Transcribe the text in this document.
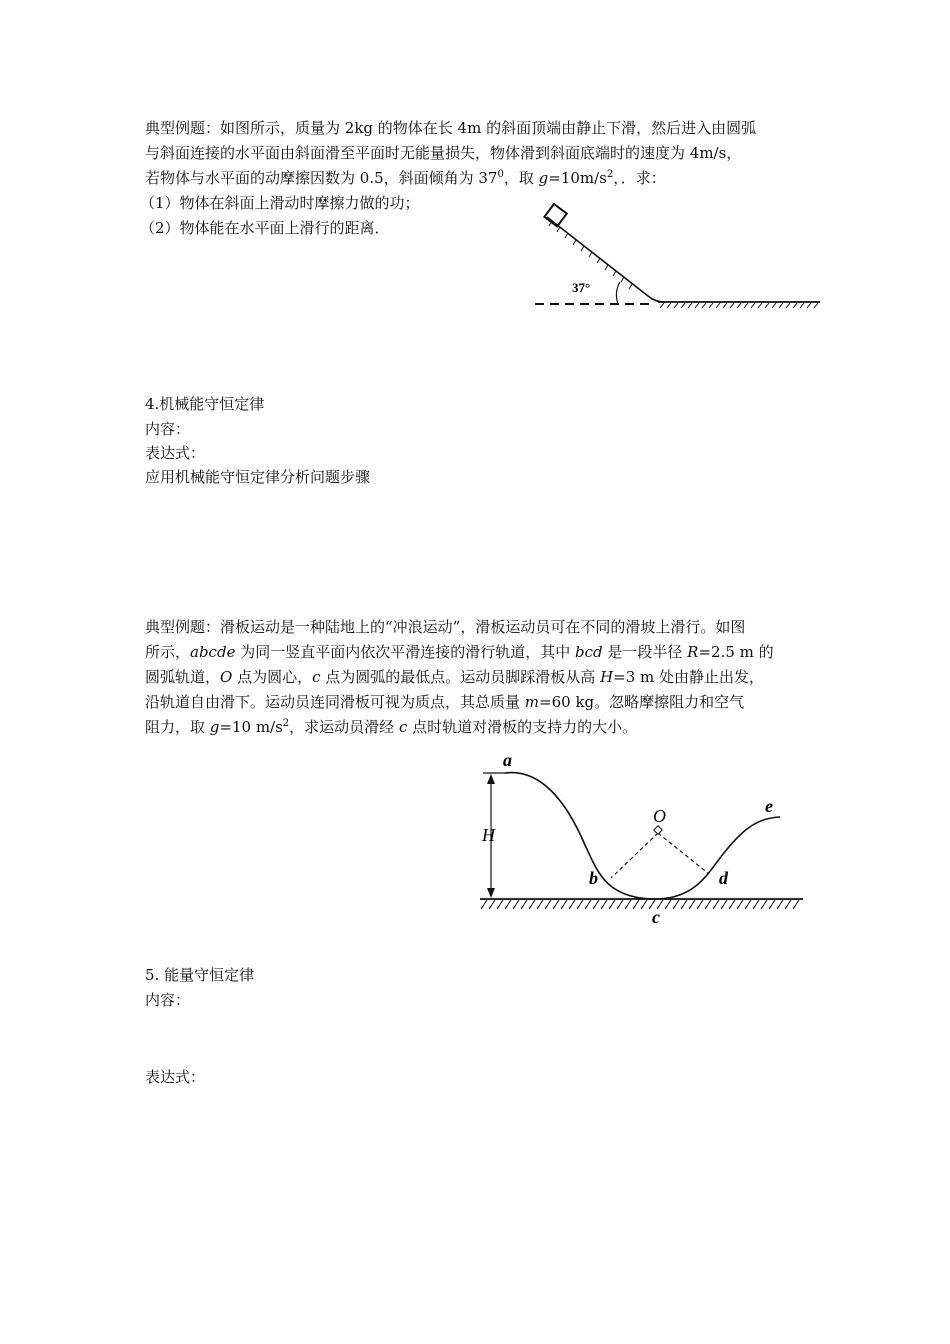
典型例题：如图所示，质量为 2kg 的物体在长 4m 的斜面顶端由静止下滑，然后进入由圆弧
与斜面连接的水平面由斜面滑至平面时无能量损失，物体滑到斜面底端时的速度为 4m/s，
若物体与水平面的动摩擦因数为 0.5，斜面倾角为 $37^0$，取 $g=10m/s^2$，．求：
（1）物体在斜面上滑动时摩擦力做的功；
（2）物体能在水平面上滑行的距离．
37°
4.机械能守恒定律
内容：
表达式：
应用机械能守恒定律分析问题步骤
典型例题：滑板运动是一种陆地上的“冲浪运动”，滑板运动员可在不同的滑坡上滑行。如图
所示，abcde 为同一竖直平面内依次平滑连接的滑行轨道，其中 bcd 是一段半径 R=2.5 m 的
圆弧轨道，O 点为圆心，c 点为圆弧的最低点。运动员脚踩滑板从高 H=3 m 处由静止出发，
沿轨道自由滑下。运动员连同滑板可视为质点，其总质量 m=60 kg。忽略摩擦阻力和空气
阻力，取 g=10 $m/s^2$，求运动员滑经 c 点时轨道对滑板的支持力的大小。
H
O
a
b
c
d
e
5. 能量守恒定律
内容：
表达式：
